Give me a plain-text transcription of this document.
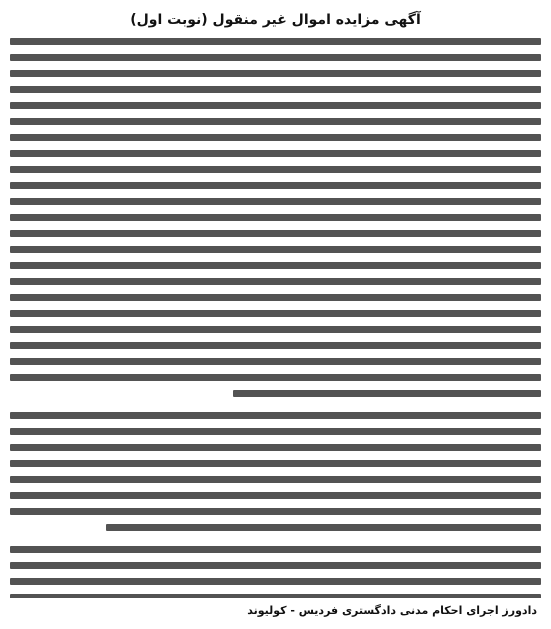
آگهی مزایده اموال غیر منقول (نوبت اول)
دادورز اجرای احکام مدنی دادگستری فردیس - کولیوند
